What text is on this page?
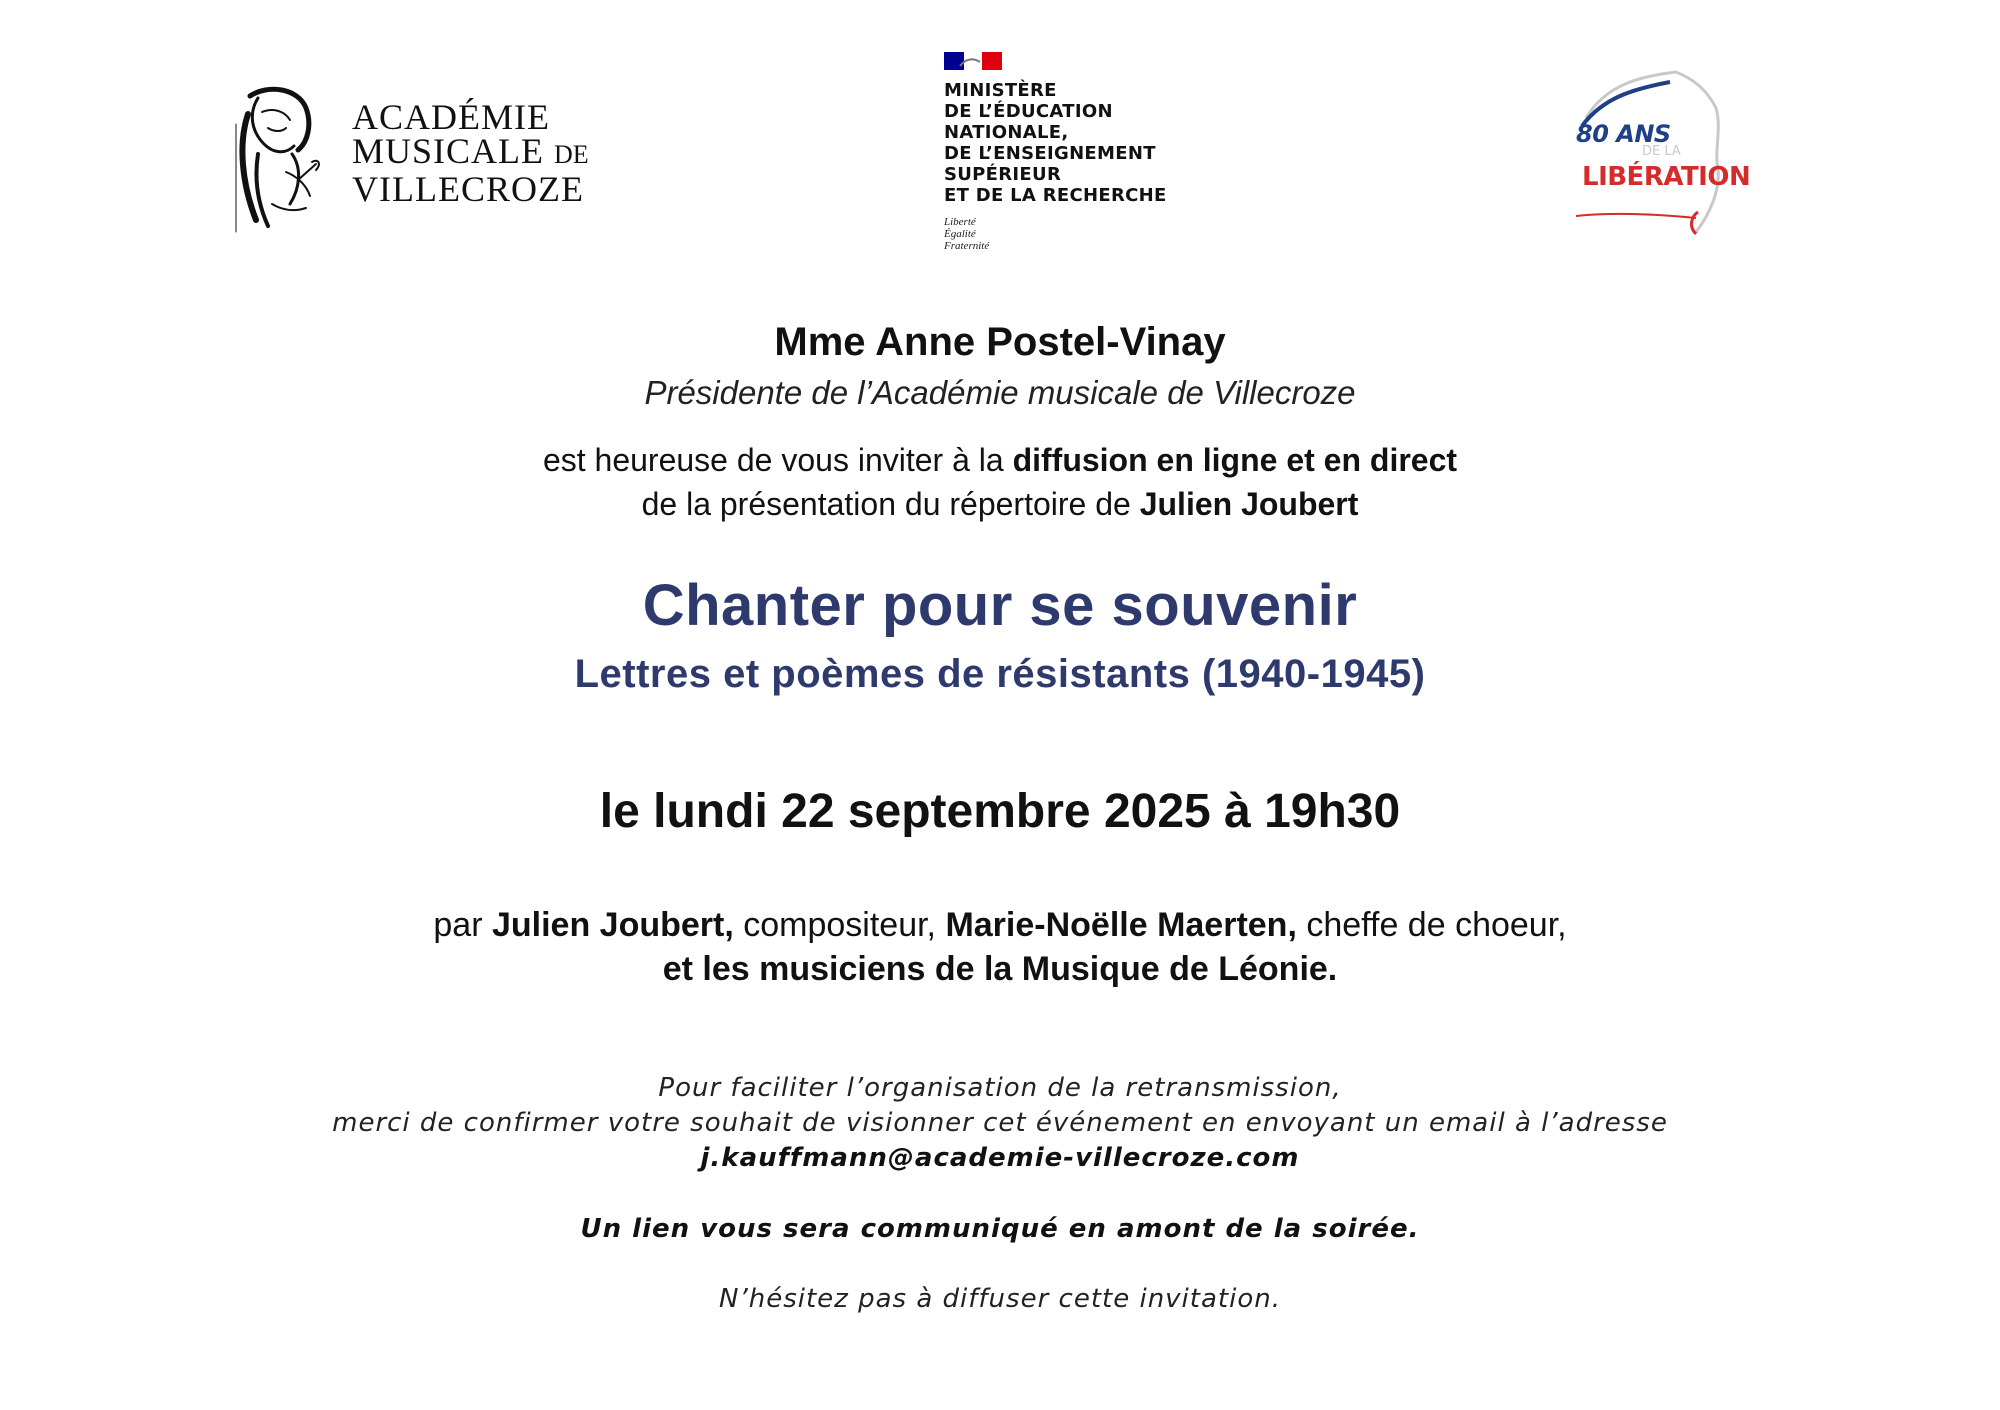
ACADÉMIE
MUSICALE DE
VILLECROZE
MINISTÈRE
DE L’ÉDUCATION
NATIONALE,
DE L’ENSEIGNEMENT
SUPÉRIEUR
ET DE LA RECHERCHE
Liberté
Égalité
Fraternité
80 ANS
DE LA
LIBÉRATION
Mme Anne Postel-Vinay
Présidente de l’Académie musicale de Villecroze
est heureuse de vous inviter à la diffusion en ligne et en direct
de la présentation du répertoire de Julien Joubert
Chanter pour se souvenir
Lettres et poèmes de résistants (1940-1945)
le lundi 22 septembre 2025 à 19h30
par Julien Joubert, compositeur, Marie-Noëlle Maerten, cheffe de choeur,
et les musiciens de la Musique de Léonie.
Pour faciliter l’organisation de la retransmission,
merci de confirmer votre souhait de visionner cet événement en envoyant un email à l’adresse
j.kauffmann@academie-villecroze.com
Un lien vous sera communiqué en amont de la soirée.
N’hésitez pas à diffuser cette invitation.
